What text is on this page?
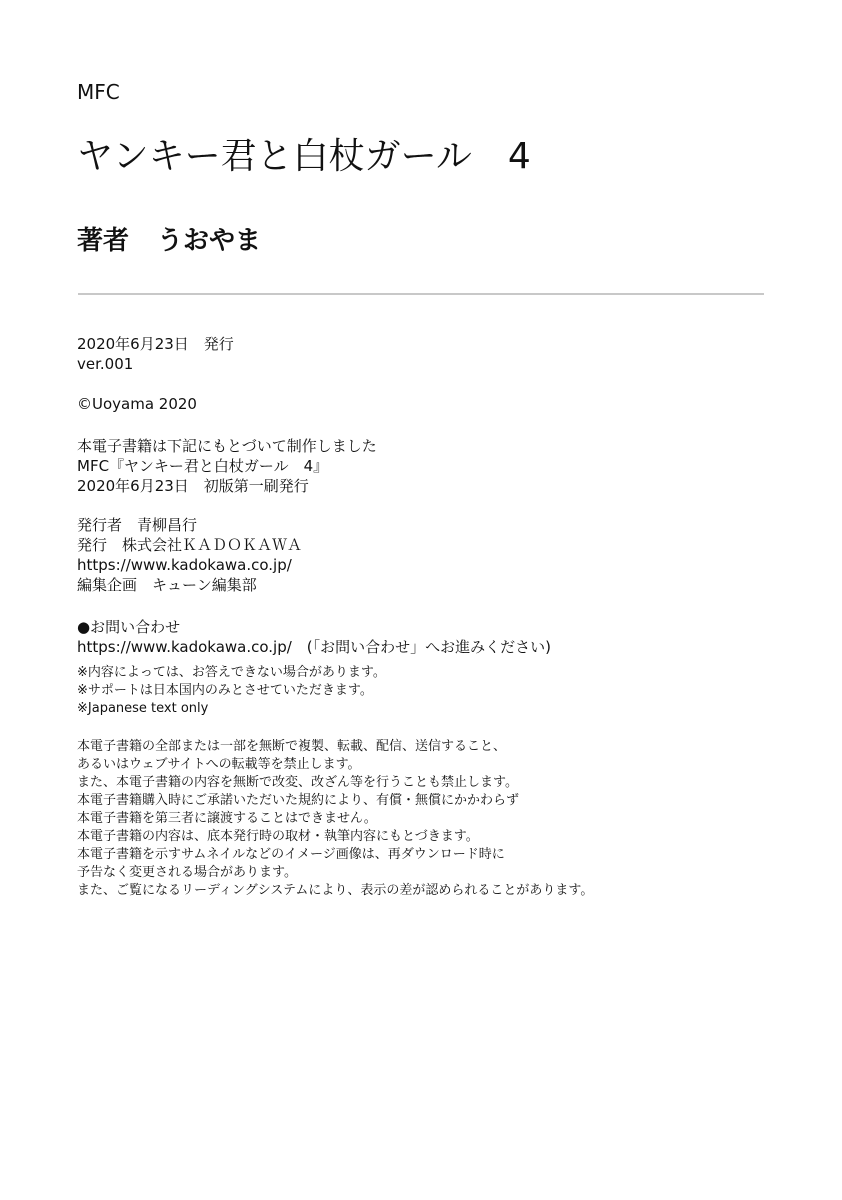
MFC
ヤンキー君と白杖ガール 4
著者 うおやま
2020年6月23日　発行
ver.001
©Uoyama 2020
本電子書籍は下記にもとづいて制作しました
MFC『ヤンキー君と白杖ガール　4』
2020年6月23日　初版第一刷発行
発行者　青柳昌行
発行　株式会社ＫＡＤＯＫＡＷＡ
https://www.kadokawa.co.jp/
編集企画　キューン編集部
●お問い合わせ
https://www.kadokawa.co.jp/　(「お問い合わせ」へお進みください)
※内容によっては、お答えできない場合があります。
※サポートは日本国内のみとさせていただきます。
※Japanese text only
本電子書籍の全部または一部を無断で複製、転載、配信、送信すること、
あるいはウェブサイトへの転載等を禁止します。
また、本電子書籍の内容を無断で改変、改ざん等を行うことも禁止します。
本電子書籍購入時にご承諾いただいた規約により、有償・無償にかかわらず
本電子書籍を第三者に譲渡することはできません。
本電子書籍の内容は、底本発行時の取材・執筆内容にもとづきます。
本電子書籍を示すサムネイルなどのイメージ画像は、再ダウンロード時に
予告なく変更される場合があります。
また、ご覧になるリーディングシステムにより、表示の差が認められることがあります。
